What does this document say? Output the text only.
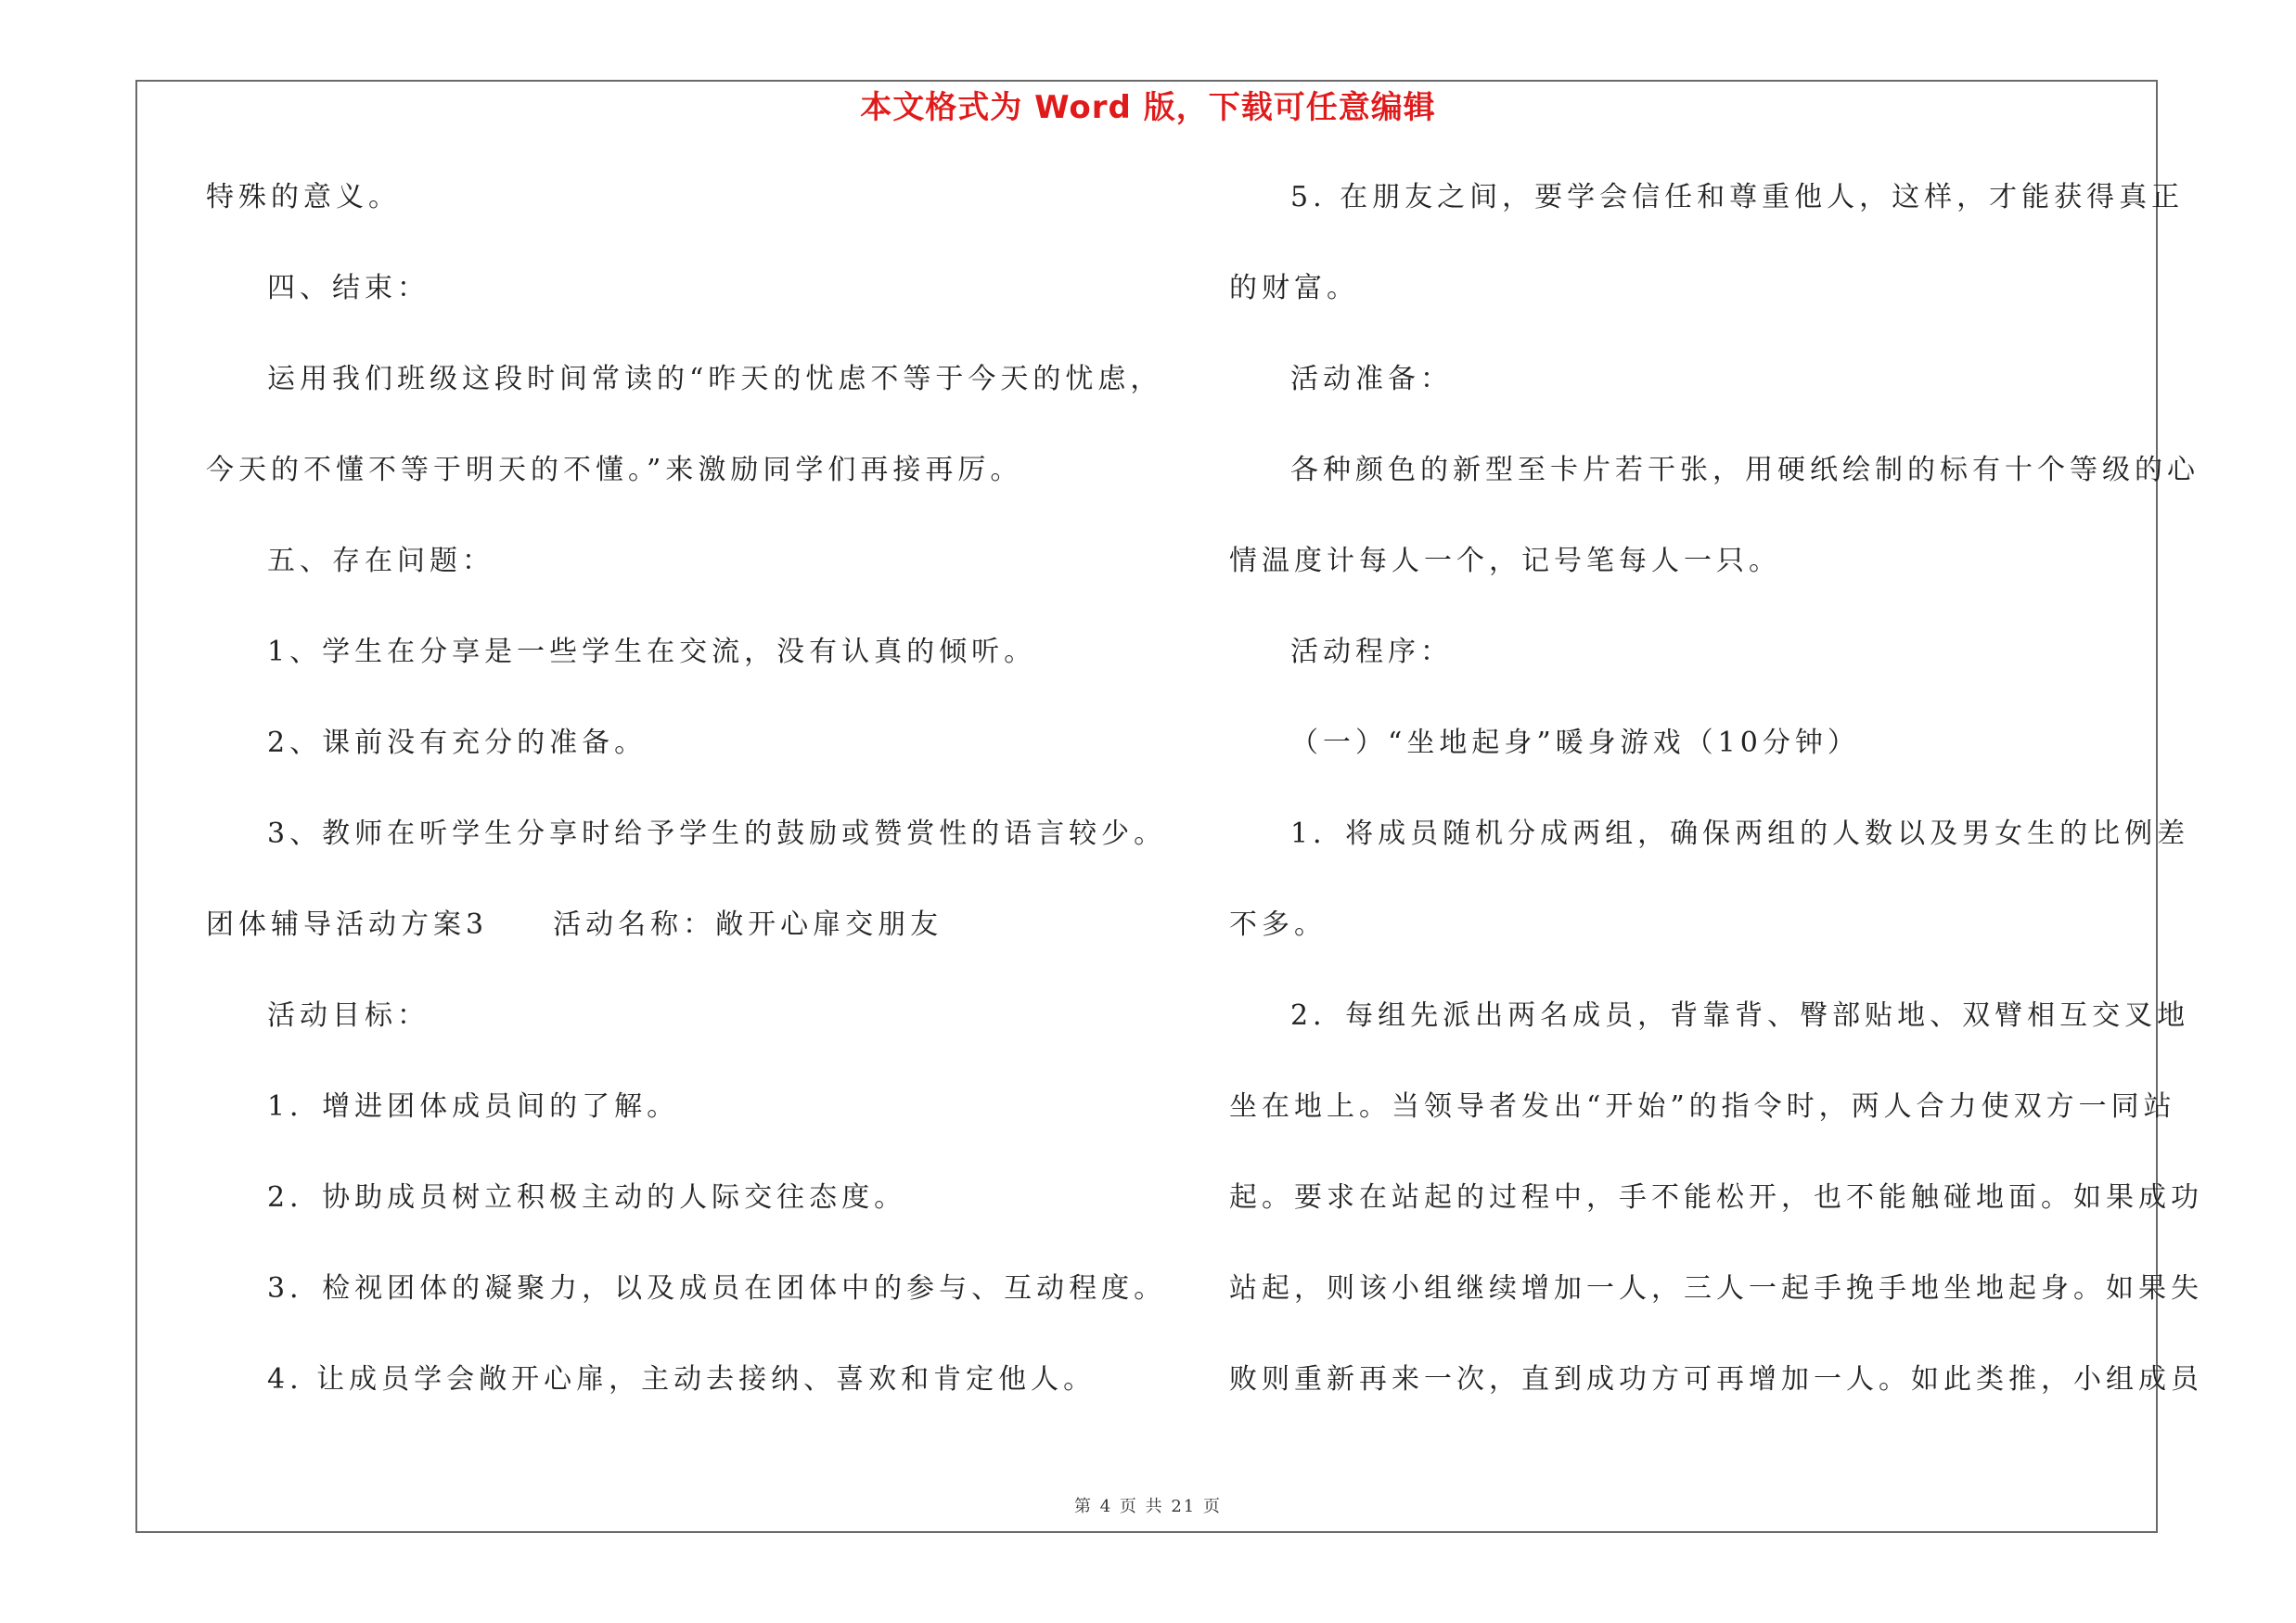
本文格式为 Word 版，下载可任意编辑
特殊的意义。
四、结束：
运用我们班级这段时间常读的“昨天的忧虑不等于今天的忧虑，
今天的不懂不等于明天的不懂。”来激励同学们再接再厉。
五、存在问题：
1、学生在分享是一些学生在交流，没有认真的倾听。
2、课前没有充分的准备。
3、教师在听学生分享时给予学生的鼓励或赞赏性的语言较少。
团体辅导活动方案3　　活动名称：敞开心扉交朋友
活动目标：
1．增进团体成员间的了解。
2．协助成员树立积极主动的人际交往态度。
3．检视团体的凝聚力，以及成员在团体中的参与、互动程度。
4. 让成员学会敞开心扉，主动去接纳、喜欢和肯定他人。
5. 在朋友之间，要学会信任和尊重他人，这样，才能获得真正
的财富。
活动准备：
各种颜色的新型至卡片若干张，用硬纸绘制的标有十个等级的心
情温度计每人一个，记号笔每人一只。
活动程序：
（一）“坐地起身”暖身游戏（10分钟）
1．将成员随机分成两组，确保两组的人数以及男女生的比例差
不多。
2．每组先派出两名成员，背靠背、臀部贴地、双臂相互交叉地
坐在地上。当领导者发出“开始”的指令时，两人合力使双方一同站
起。要求在站起的过程中，手不能松开，也不能触碰地面。如果成功
站起，则该小组继续增加一人，三人一起手挽手地坐地起身。如果失
败则重新再来一次，直到成功方可再增加一人。如此类推，小组成员
第 4 页 共 21 页
